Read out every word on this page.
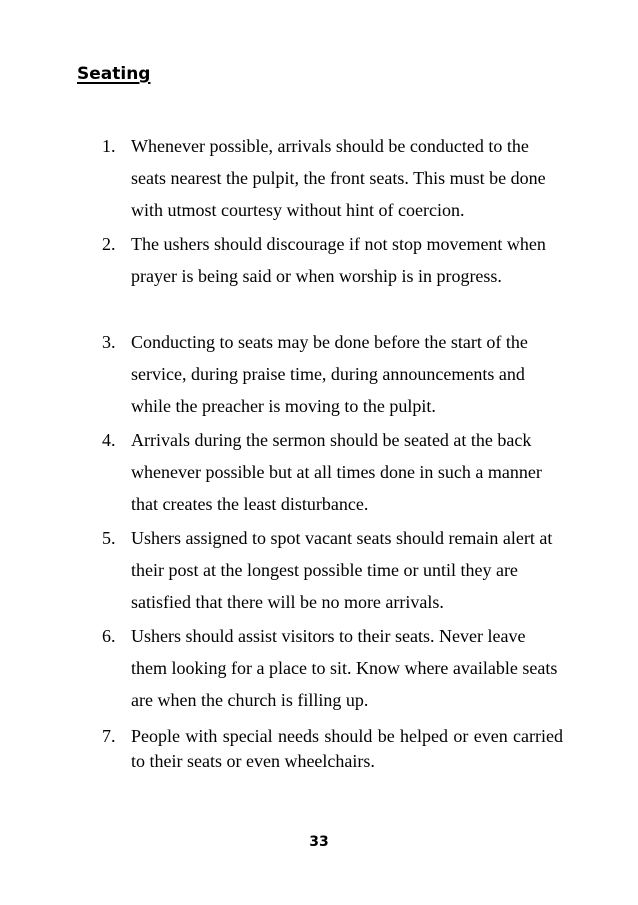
Seating
1. Whenever possible, arrivals should be conducted to the seats nearest the pulpit, the front seats. This must be done with utmost courtesy without hint of coercion.
2. The ushers should discourage if not stop movement when prayer is being said or when worship is in progress.
3. Conducting to seats may be done before the start of the service, during praise time, during announcements and while the preacher is moving to the pulpit.
4. Arrivals during the sermon should be seated at the back whenever possible but at all times done in such a manner that creates the least disturbance.
5. Ushers assigned to spot vacant seats should remain alert at their post at the longest possible time or until they are satisfied that there will be no more arrivals.
6. Ushers should assist visitors to their seats. Never leave them looking for a place to sit. Know where available seats are when the church is filling up.
7. People with special needs should be helped or even carried to their seats or even wheelchairs.
33
